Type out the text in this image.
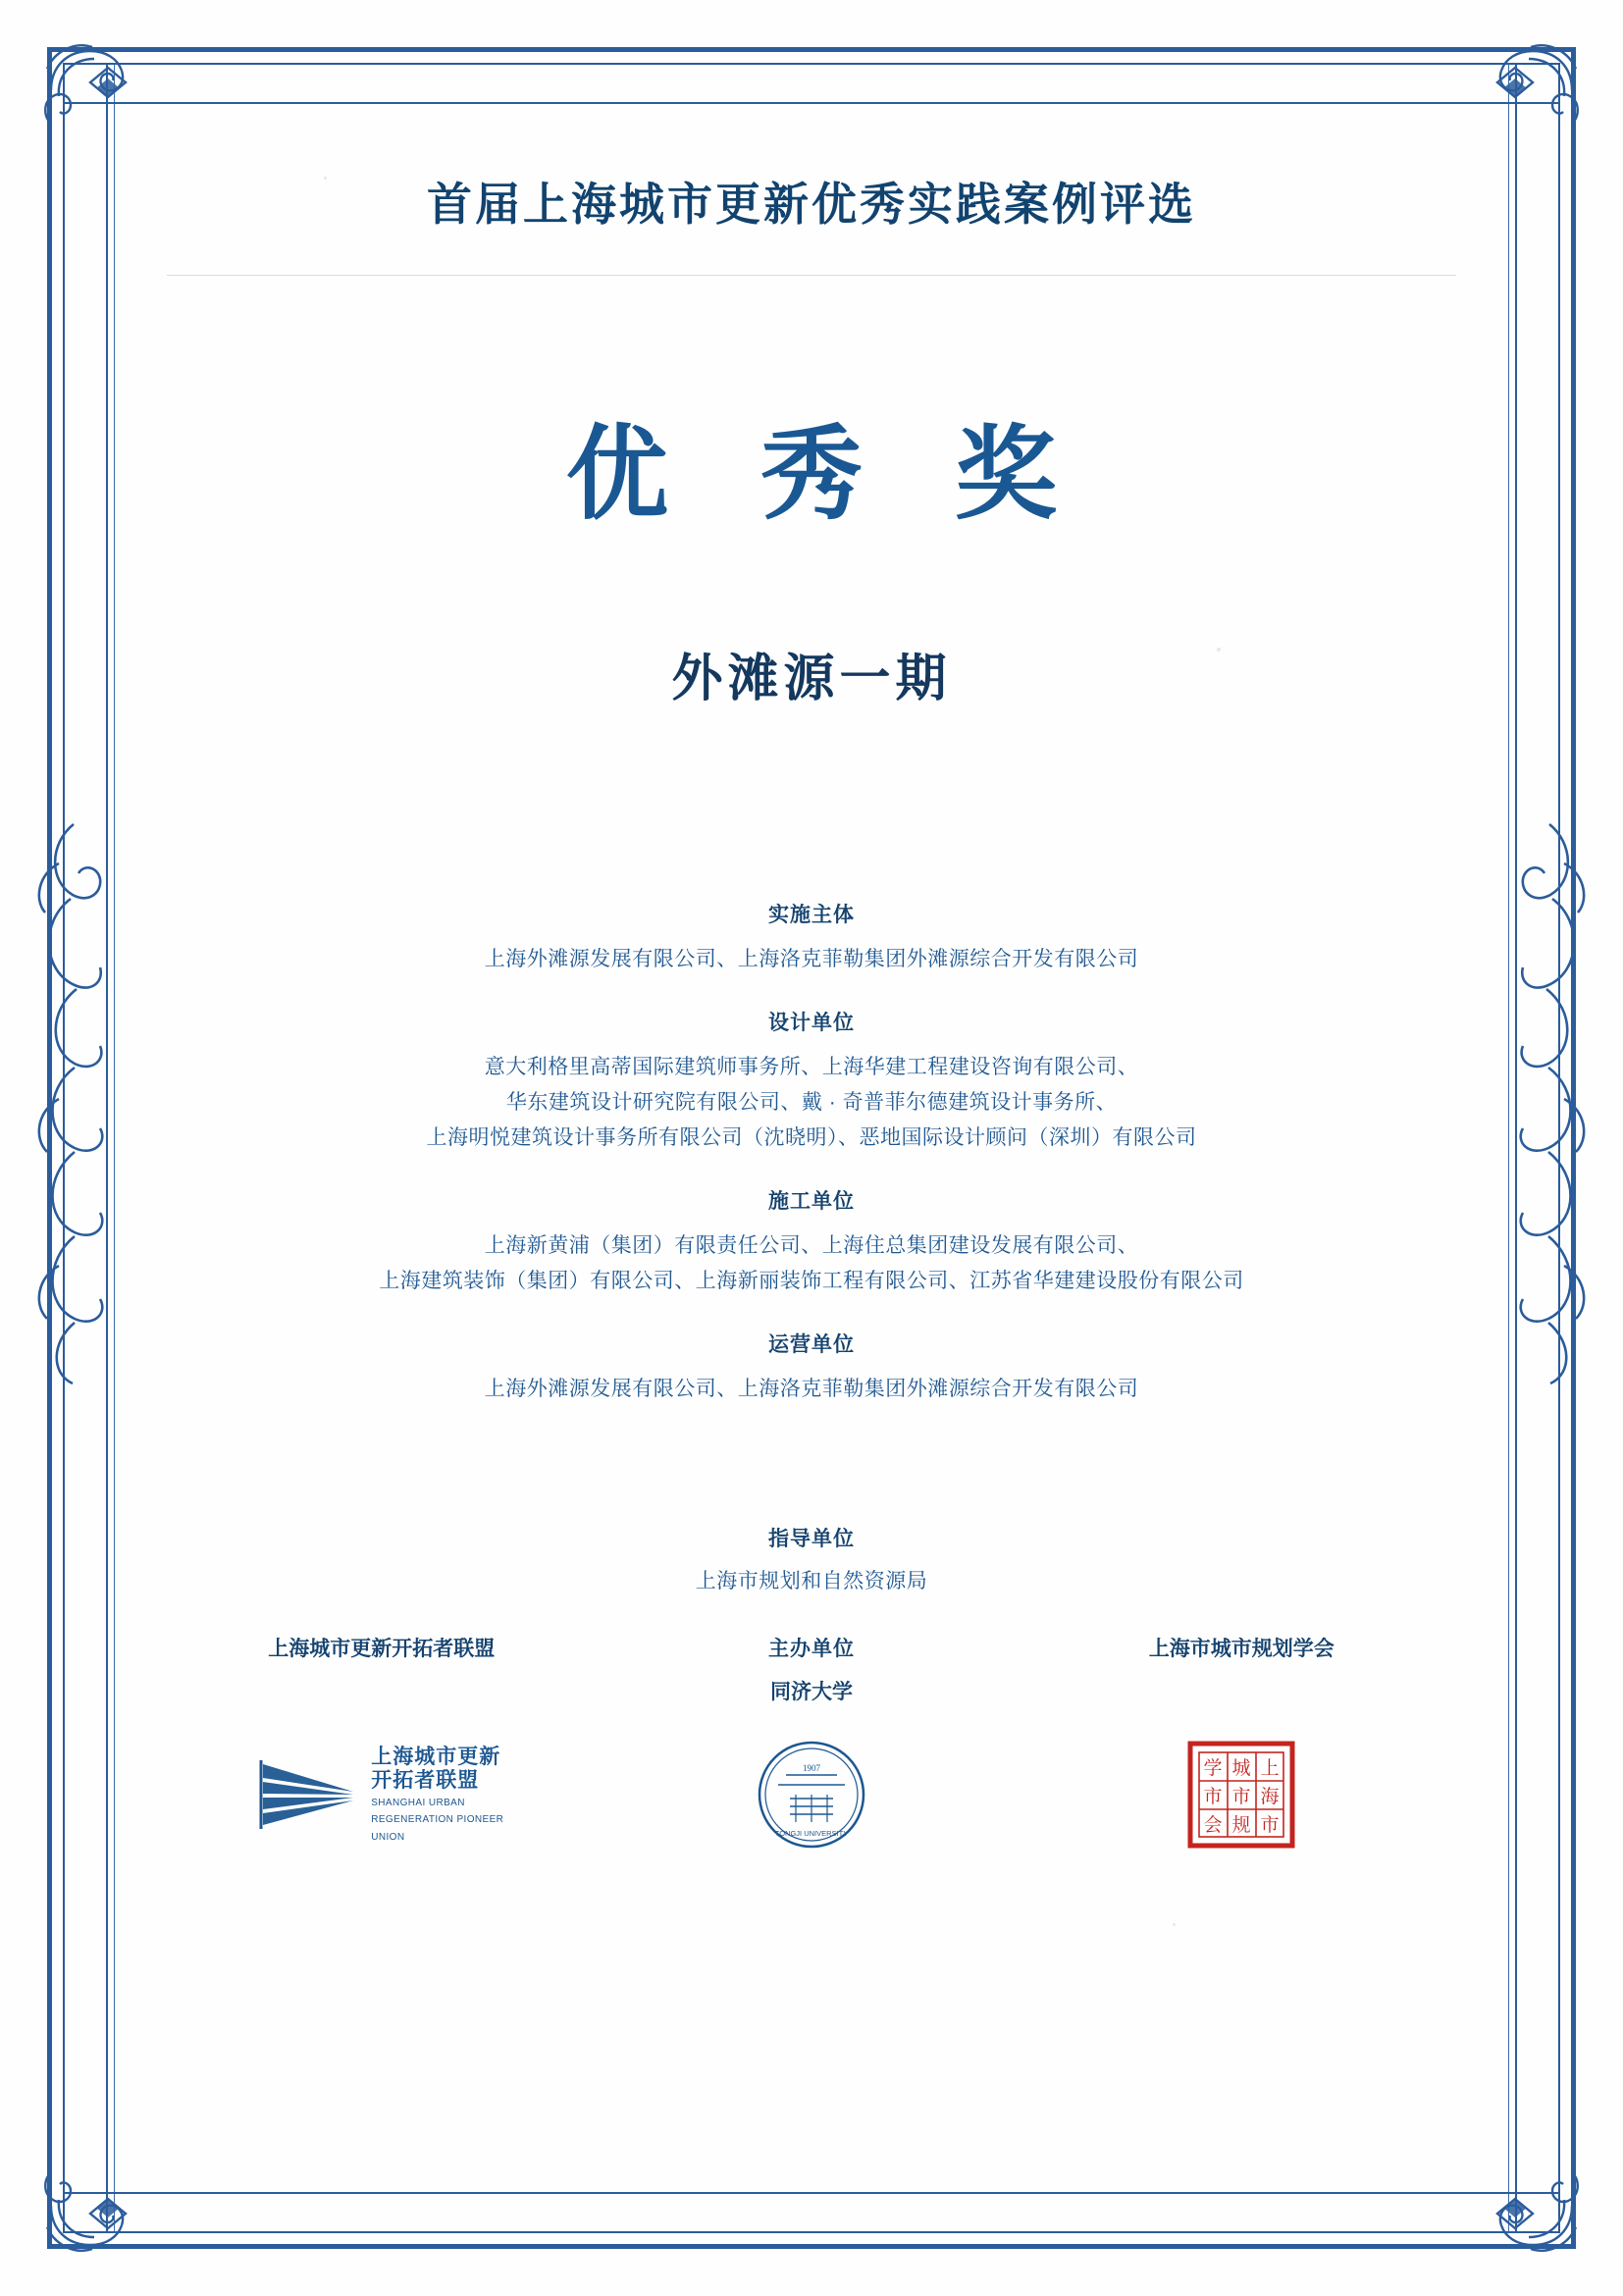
首届上海城市更新优秀实践案例评选
优 秀 奖
外滩源一期
实施主体
上海外滩源发展有限公司、上海洛克菲勒集团外滩源综合开发有限公司
设计单位
意大利格里高蒂国际建筑师事务所、上海华建工程建设咨询有限公司、
华东建筑设计研究院有限公司、戴 · 奇普菲尔德建筑设计事务所、
上海明悦建筑设计事务所有限公司（沈晓明）、恶地国际设计顾问（深圳）有限公司
施工单位
上海新黄浦（集团）有限责任公司、上海住总集团建设发展有限公司、
上海建筑装饰（集团）有限公司、上海新丽装饰工程有限公司、江苏省华建建设股份有限公司
运营单位
上海外滩源发展有限公司、上海洛克菲勒集团外滩源综合开发有限公司
指导单位
上海市规划和自然资源局
上海城市更新开拓者联盟	主办单位
同济大学
上海市城市规划学会
上海城市更新
开拓者联盟
SHANGHAI URBAN
REGENERATION PIONEER
UNION
1907
TONGJI UNIVERSITY
上
城
学
海
市
市
市
规
会
